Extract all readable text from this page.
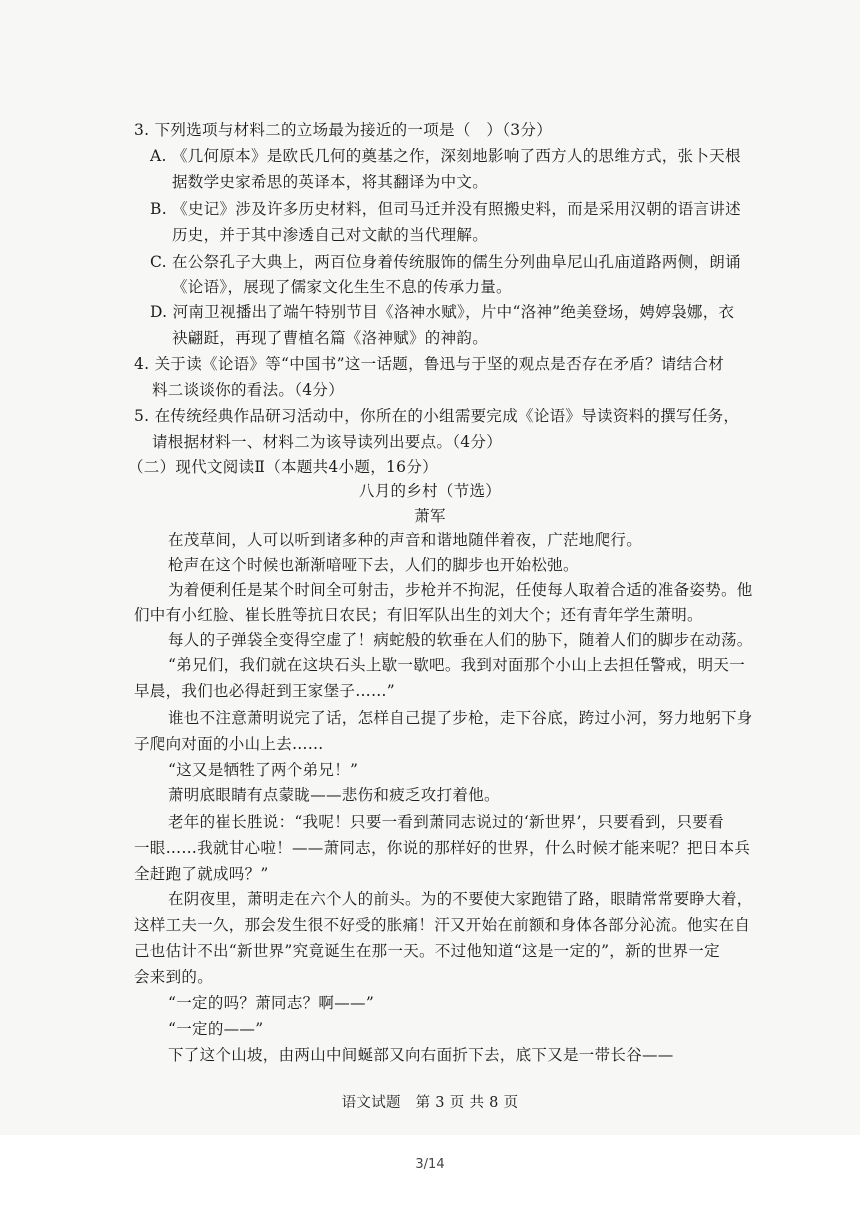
3. 下列选项与材料二的立场最为接近的一项是（　）（3分）
A. 《几何原本》是欧氏几何的奠基之作，深刻地影响了西方人的思维方式，张卜天根
据数学史家希思的英译本，将其翻译为中文。
B. 《史记》涉及许多历史材料，但司马迁并没有照搬史料，而是采用汉朝的语言讲述
历史，并于其中渗透自己对文献的当代理解。
C. 在公祭孔子大典上，两百位身着传统服饰的儒生分列曲阜尼山孔庙道路两侧，朗诵
《论语》，展现了儒家文化生生不息的传承力量。
D. 河南卫视播出了端午特别节目《洛神水赋》，片中“洛神”绝美登场，娉婷袅娜，衣
袂翩跹，再现了曹植名篇《洛神赋》的神韵。
4. 关于读《论语》等“中国书”这一话题，鲁迅与于坚的观点是否存在矛盾？请结合材
料二谈谈你的看法。（4分）
5. 在传统经典作品研习活动中，你所在的小组需要完成《论语》导读资料的撰写任务，
请根据材料一、材料二为该导读列出要点。（4分）
（二）现代文阅读Ⅱ（本题共4小题，16分）
八月的乡村（节选）
萧军
在茂草间，人可以听到诸多种的声音和谐地随伴着夜，广茫地爬行。
枪声在这个时候也渐渐喑哑下去，人们的脚步也开始松弛。
为着便利任是某个时间全可射击，步枪并不拘泥，任使每人取着合适的准备姿势。他
们中有小红脸、崔长胜等抗日农民；有旧军队出生的刘大个；还有青年学生萧明。
每人的子弹袋全变得空虚了！病蛇般的软垂在人们的胁下，随着人们的脚步在动荡。
“弟兄们，我们就在这块石头上歇一歇吧。我到对面那个小山上去担任警戒，明天一
早晨，我们也必得赶到王家堡子……”
谁也不注意萧明说完了话，怎样自己提了步枪，走下谷底，跨过小河，努力地躬下身
子爬向对面的小山上去……
“这又是牺牲了两个弟兄！”
萧明底眼睛有点蒙眬——悲伤和疲乏攻打着他。
老年的崔长胜说：“我呢！只要一看到萧同志说过的‘新世界’，只要看到，只要看
一眼……我就甘心啦！——萧同志，你说的那样好的世界，什么时候才能来呢？把日本兵
全赶跑了就成吗？”
在阴夜里，萧明走在六个人的前头。为的不要使大家跑错了路，眼睛常常要睁大着，
这样工夫一久，那会发生很不好受的胀痛！汗又开始在前额和身体各部分沁流。他实在自
己也估计不出“新世界”究竟诞生在那一天。不过他知道“这是一定的”，新的世界一定
会来到的。
“一定的吗？萧同志？啊——”
“一定的——”
下了这个山坡，由两山中间蜒部又向右面折下去，底下又是一带长谷——
语文试题　第 3 页 共 8 页
3/14
